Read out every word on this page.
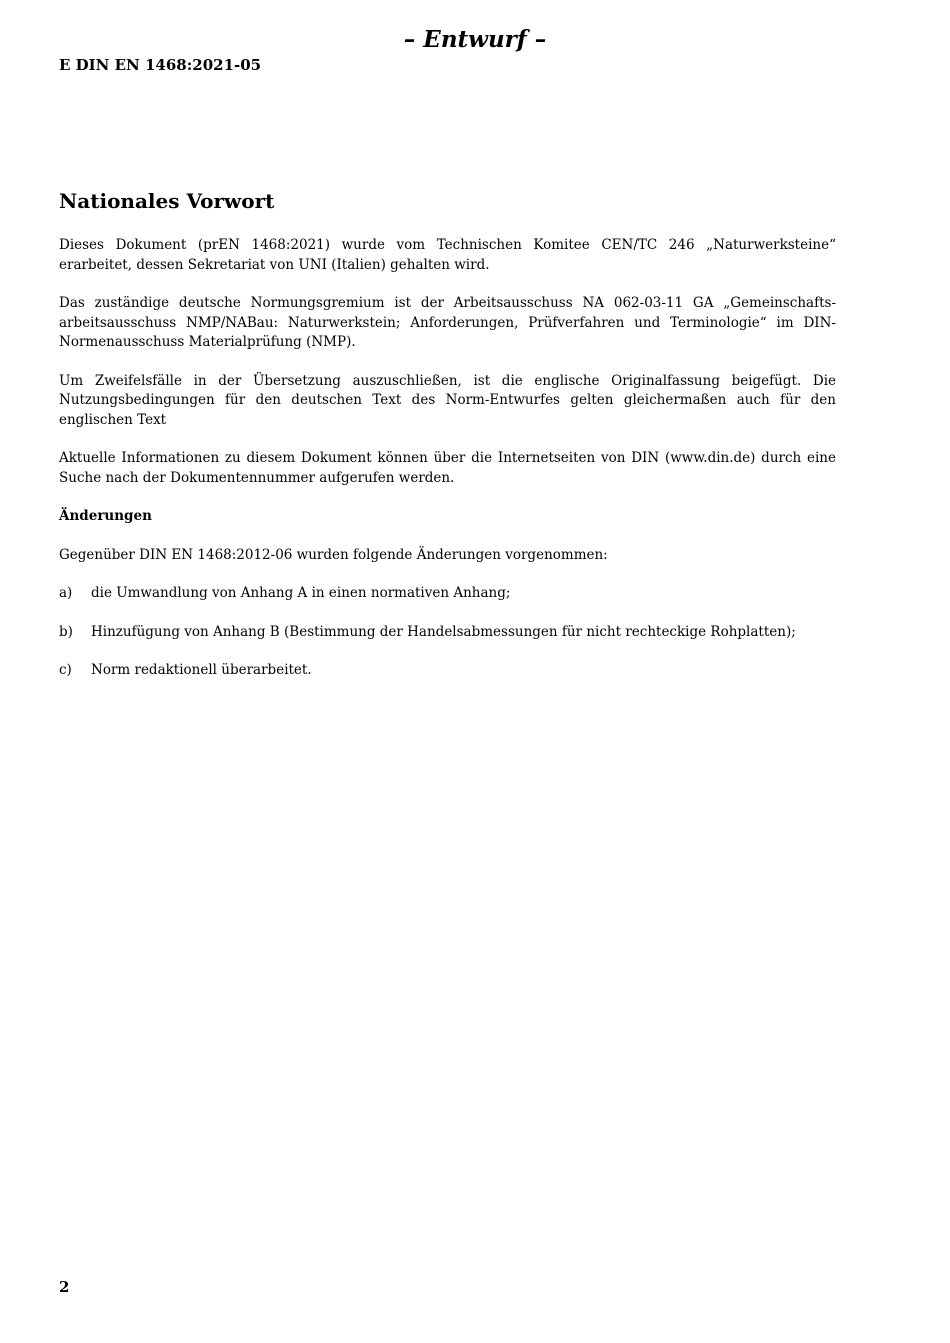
– Entwurf –
E DIN EN 1468:2021-05
Nationales Vorwort

Dieses Dokument (prEN 1468:2021) wurde vom Technischen Komitee CEN/TC 246 „Naturwerksteine“ erarbeitet, dessen Sekretariat von UNI (Italien) gehalten wird.

Das zuständige deutsche Normungsgremium ist der Arbeitsausschuss NA 062-03-11 GA „Gemeinschafts-arbeitsausschuss NMP/NABau: Naturwerkstein; Anforderungen, Prüfverfahren und Terminologie“ im DIN-Normenausschuss Materialprüfung (NMP).

Um Zweifelsfälle in der Übersetzung auszuschließen, ist die englische Originalfassung beigefügt. Die Nutzungsbedingungen für den deutschen Text des Norm-Entwurfes gelten gleichermaßen auch für den englischen Text

Aktuelle Informationen zu diesem Dokument können über die Internetseiten von DIN (www.din.de) durch eine Suche nach der Dokumentennummer aufgerufen werden.

Änderungen

Gegenüber DIN EN 1468:2012-06 wurden folgende Änderungen vorgenommen:

a)	die Umwandlung von Anhang A in einen normativen Anhang;
b)	Hinzufügung von Anhang B (Bestimmung der Handelsabmessungen für nicht rechteckige Rohplatten);
c)	Norm redaktionell überarbeitet.
2
